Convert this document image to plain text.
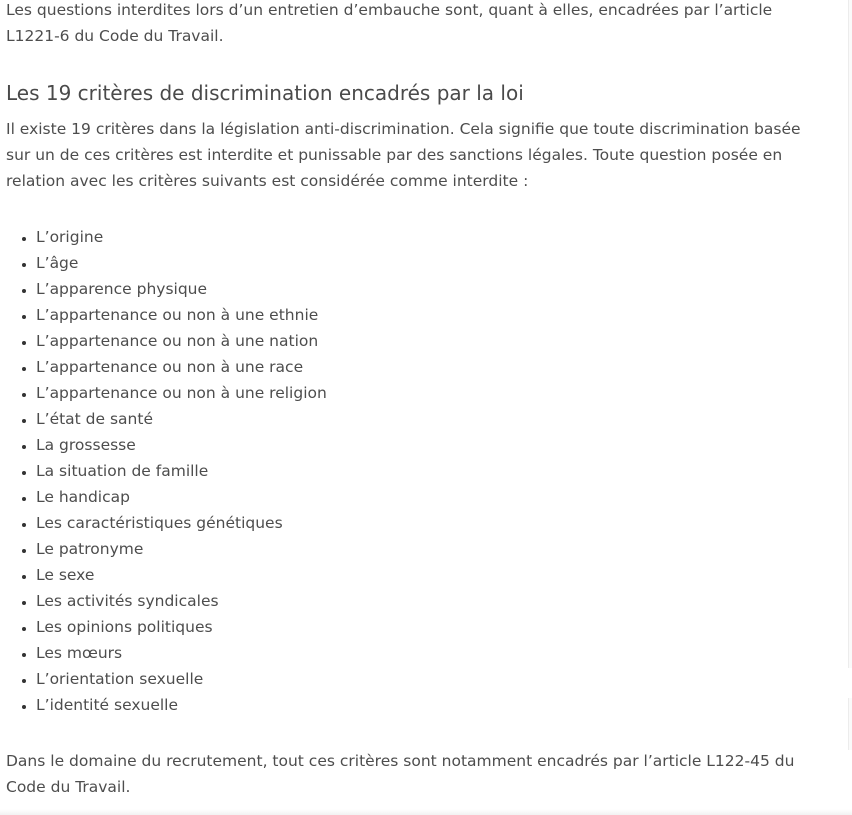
Les questions interdites lors d’un entretien d’embauche sont, quant à elles, encadrées par l’article L1221-6 du Code du Travail.

Les 19 critères de discrimination encadrés par la loi

Il existe 19 critères dans la législation anti-discrimination. Cela signifie que toute discrimination basée sur un de ces critères est interdite et punissable par des sanctions légales. Toute question posée en relation avec les critères suivants est considérée comme interdite :

• L’origine
• L’âge
• L’apparence physique
• L’appartenance ou non à une ethnie
• L’appartenance ou non à une nation
• L’appartenance ou non à une race
• L’appartenance ou non à une religion
• L’état de santé
• La grossesse
• La situation de famille
• Le handicap
• Les caractéristiques génétiques
• Le patronyme
• Le sexe
• Les activités syndicales
• Les opinions politiques
• Les mœurs
• L’orientation sexuelle
• L’identité sexuelle

Dans le domaine du recrutement, tout ces critères sont notamment encadrés par l’article L122-45 du Code du Travail.
